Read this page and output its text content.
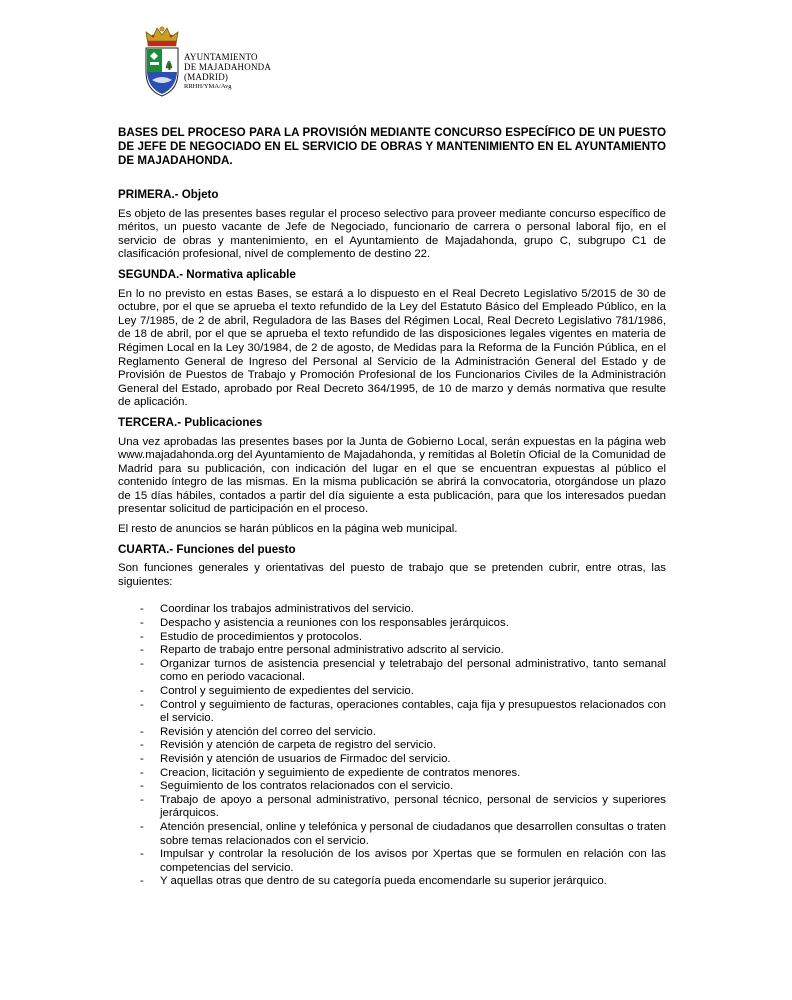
AYUNTAMIENTO
DE MAJADAHONDA
(MADRID)
RRHH/YMA/Avg
BASES DEL PROCESO PARA LA PROVISIÓN MEDIANTE CONCURSO ESPECÍFICO DE UN PUESTO DE JEFE DE NEGOCIADO EN EL SERVICIO DE OBRAS Y MANTENIMIENTO EN EL AYUNTAMIENTO DE MAJADAHONDA.
PRIMERA.- Objeto

Es objeto de las presentes bases regular el proceso selectivo para proveer mediante concurso específico de méritos, un puesto vacante de Jefe de Negociado, funcionario de carrera o personal laboral fijo, en el servicio de obras y mantenimiento, en el Ayuntamiento de Majadahonda, grupo C, subgrupo C1 de clasificación profesional, nivel de complemento de destino 22.

SEGUNDA.- Normativa aplicable

En lo no previsto en estas Bases, se estará a lo dispuesto en el Real Decreto Legislativo 5/2015 de 30 de octubre, por el que se aprueba el texto refundido de la Ley del Estatuto Básico del Empleado Público, en la Ley 7/1985, de 2 de abril, Reguladora de las Bases del Régimen Local, Real Decreto Legislativo 781/1986, de 18 de abril, por el que se aprueba el texto refundido de las disposiciones legales vigentes en materia de Régimen Local en la Ley 30/1984, de 2 de agosto, de Medidas para la Reforma de la Función Pública, en el Reglamento General de Ingreso del Personal al Servicio de la Administración General del Estado y de Provisión de Puestos de Trabajo y Promoción Profesional de los Funcionarios Civiles de la Administración General del Estado, aprobado por Real Decreto 364/1995, de 10 de marzo y demás normativa que resulte de aplicación.

TERCERA.- Publicaciones

Una vez aprobadas las presentes bases por la Junta de Gobierno Local, serán expuestas en la página web www.majadahonda.org del Ayuntamiento de Majadahonda, y remitidas al Boletín Oficial de la Comunidad de Madrid para su publicación, con indicación del lugar en el que se encuentran expuestas al público el contenido íntegro de las mismas. En la misma publicación se abrirá la convocatoria, otorgándose un plazo de 15 días hábiles, contados a partir del día siguiente a esta publicación, para que los interesados puedan presentar solicitud de participación en el proceso.

El resto de anuncios se harán públicos en la página web municipal.

CUARTA.- Funciones del puesto

Son funciones generales y orientativas del puesto de trabajo que se pretenden cubrir, entre otras, las siguientes:

- Coordinar los trabajos administrativos del servicio.
- Despacho y asistencia a reuniones con los responsables jerárquicos.
- Estudio de procedimientos y protocolos.
- Reparto de trabajo entre personal administrativo adscrito al servicio.
- Organizar turnos de asistencia presencial y teletrabajo del personal administrativo, tanto semanal como en periodo vacacional.
- Control y seguimiento de expedientes del servicio.
- Control y seguimiento de facturas, operaciones contables, caja fija y presupuestos relacionados con el servicio.
- Revisión y atención del correo del servicio.
- Revisión y atención de carpeta de registro del servicio.
- Revisión y atención de usuarios de Firmadoc del servicio.
- Creacion, licitación y seguimiento de expediente de contratos menores.
- Seguimiento de los contratos relacionados con el servicio.
- Trabajo de apoyo a personal administrativo, personal técnico, personal de servicios y superiores jerárquicos.
- Atención presencial, online y telefónica y personal de ciudadanos que desarrollen consultas o traten sobre temas relacionados con el servicio.
- Impulsar y controlar la resolución de los avisos por Xpertas que se formulen en relación con las competencias del servicio.
- Y aquellas otras que dentro de su categoría pueda encomendarle su superior jerárquico.
